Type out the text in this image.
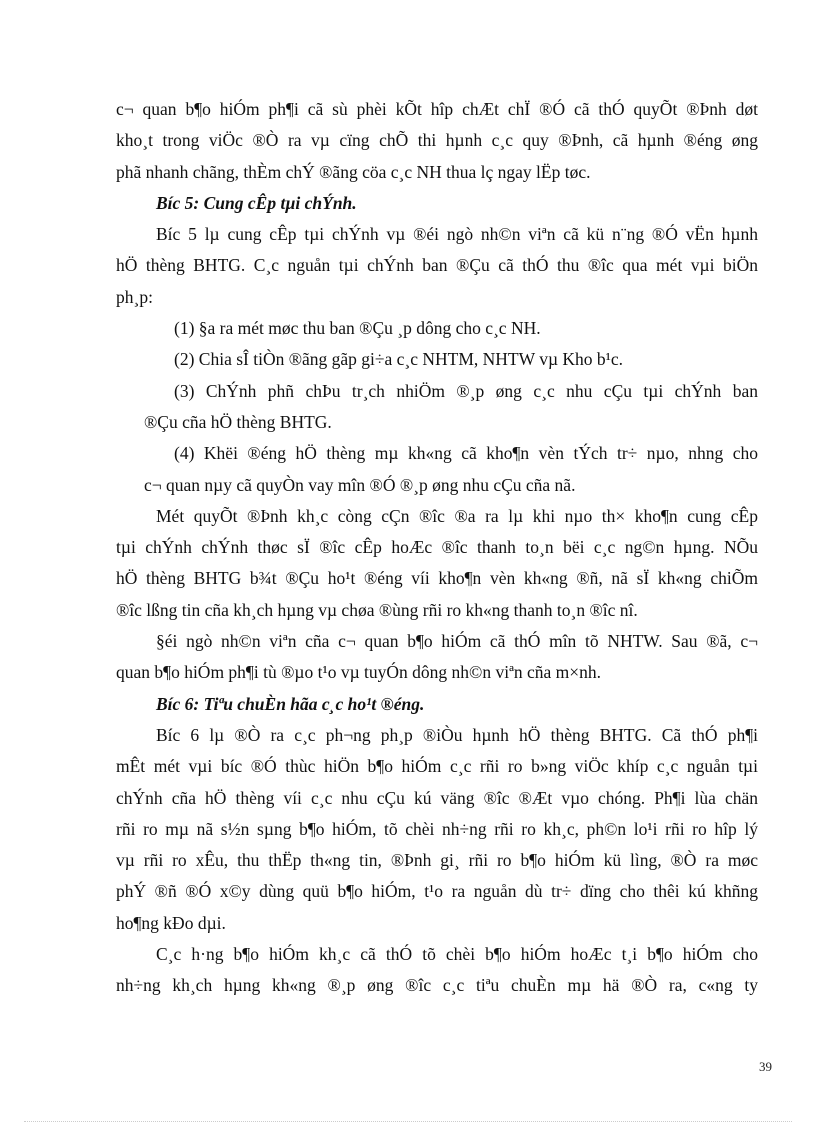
c¬ quan b¶o hiÓm ph¶i cã sù phèi kÕt hîp chÆt chÏ ®Ó cã thÓ quyÕt ®Þnh døt
kho¸t trong viÖc ®Ò ra vµ cïng chÕ thi hµnh c¸c quy ®Þnh, cã hµnh ®éng øng
phã nhanh chãng, thÈm chÝ ®ãng cöa c¸c NH thua lç ngay lËp tøc.
Bíc 5: Cung cÊp tµi chÝnh.
Bíc 5 lµ cung cÊp tµi chÝnh vµ ®éi ngò nh©n viªn cã kü n¨ng ®Ó vËn hµnh
hÖ thèng BHTG. C¸c nguån tµi chÝnh ban ®Çu cã thÓ thu ®îc qua mét vµi biÖn
ph¸p:
(1) §a ra mét møc thu ban ®Çu ¸p dông cho c¸c NH.
(2) Chia sÎ tiÒn ®ãng gãp gi÷a c¸c NHTM, NHTW vµ Kho b¹c.
(3) ChÝnh phñ chÞu tr¸ch nhiÖm ®¸p øng c¸c nhu cÇu tµi chÝnh ban
®Çu cña hÖ thèng BHTG.
(4) Khëi ®éng hÖ thèng mµ kh«ng cã kho¶n vèn tÝch tr÷ nµo, nhng cho
c¬ quan nµy cã quyÒn vay mîn ®Ó ®¸p øng nhu cÇu cña nã.
Mét quyÕt ®Þnh kh¸c còng cÇn ®îc ®a ra lµ khi nµo th× kho¶n cung cÊp
tµi chÝnh chÝnh thøc sÏ ®îc cÊp hoÆc ®îc thanh to¸n bëi c¸c ng©n hµng. NÕu
hÖ thèng BHTG b¾t ®Çu ho¹t ®éng víi kho¶n vèn kh«ng ®ñ, nã sÏ kh«ng chiÕm
®îc lßng tin cña kh¸ch hµng vµ chøa ®ùng rñi ro kh«ng thanh to¸n ®îc nî.
§éi ngò nh©n viªn cña c¬ quan b¶o hiÓm cã thÓ mîn tõ NHTW. Sau ®ã, c¬
quan b¶o hiÓm ph¶i tù ®µo t¹o vµ tuyÓn dông nh©n viªn cña m×nh.
Bíc 6: Tiªu chuÈn hãa c¸c ho¹t ®éng.
Bíc 6 lµ ®Ò ra c¸c ph¬ng ph¸p ®iÒu hµnh hÖ thèng BHTG. Cã thÓ ph¶i
mÊt mét vµi bíc ®Ó thùc hiÖn b¶o hiÓm c¸c rñi ro b»ng viÖc khíp c¸c nguån tµi
chÝnh cña hÖ thèng víi c¸c nhu cÇu kú väng ®îc ®Æt vµo chóng. Ph¶i lùa chän
rñi ro mµ nã s½n sµng b¶o hiÓm, tõ chèi nh÷ng rñi ro kh¸c, ph©n lo¹i rñi ro hîp lý
vµ rñi ro xÊu, thu thËp th«ng tin, ®Þnh gi¸ rñi ro b¶o hiÓm kü lìng, ®Ò ra møc
phÝ ®ñ ®Ó x©y dùng quü b¶o hiÓm, t¹o ra nguån dù tr÷ dïng cho thêi kú khñng
ho¶ng kÐo dµi.
C¸c h·ng b¶o hiÓm kh¸c cã thÓ tõ chèi b¶o hiÓm hoÆc t¸i b¶o hiÓm cho
nh÷ng kh¸ch hµng kh«ng ®¸p øng ®îc c¸c tiªu chuÈn mµ hä ®Ò ra, c«ng ty
39
